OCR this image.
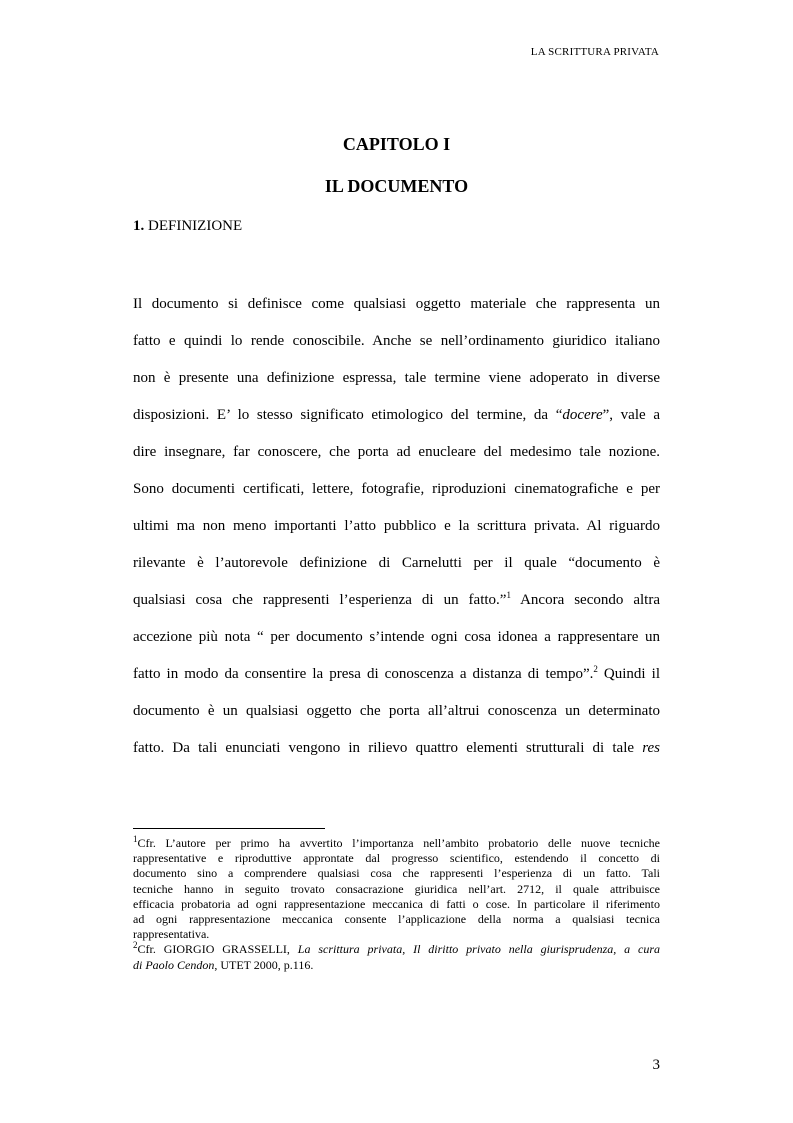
LA SCRITTURA PRIVATA
CAPITOLO I
IL DOCUMENTO
1. DEFINIZIONE
Il documento si definisce come qualsiasi oggetto materiale che rappresenta un
fatto e quindi lo rende conoscibile. Anche se nell’ordinamento giuridico italiano
non è presente una definizione espressa, tale termine viene adoperato in diverse
disposizioni. E’ lo stesso significato etimologico del termine, da “docere”, vale a
dire insegnare, far conoscere, che porta ad enucleare del medesimo tale nozione.
Sono documenti certificati, lettere, fotografie, riproduzioni cinematografiche e per
ultimi ma non meno importanti l’atto pubblico e la scrittura privata. Al riguardo
rilevante è l’autorevole definizione di Carnelutti per il quale “documento è
qualsiasi cosa che rappresenti l’esperienza di un fatto.”$^1$ Ancora secondo altra
accezione più nota “ per documento s’intende ogni cosa idonea a rappresentare un
fatto in modo da consentire la presa di conoscenza a distanza di tempo”.$^2$ Quindi il
documento è un qualsiasi oggetto che porta all’altrui conoscenza un determinato
fatto. Da tali enunciati vengono in rilievo quattro elementi strutturali di tale res
$^1$Cfr. L’autore per primo ha avvertito l’importanza nell’ambito probatorio delle nuove tecniche
rappresentative e riproduttive approntate dal progresso scientifico, estendendo il concetto di
documento sino a comprendere qualsiasi cosa che rappresenti l’esperienza di un fatto. Tali
tecniche hanno in seguito trovato consacrazione giuridica nell’art. 2712, il quale attribuisce
efficacia probatoria ad ogni rappresentazione meccanica di fatti o cose. In particolare il riferimento
ad ogni rappresentazione meccanica consente l’applicazione della norma a qualsiasi tecnica
rappresentativa.
$^2$Cfr. GIORGIO GRASSELLI, La scrittura privata, Il diritto privato nella giurisprudenza, a cura
di Paolo Cendon, UTET 2000, p.116.
3
